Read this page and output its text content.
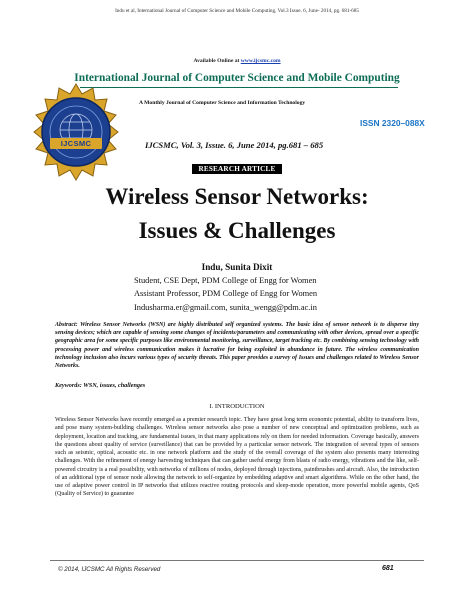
Indu et al, International Journal of Computer Science and Mobile Computing, Vol.3 Issue. 6, June- 2014, pg. 681-685
Available Online at www.ijcsmc.com
International Journal of Computer Science and Mobile Computing
IJCSMC
A Monthly Journal of Computer Science and Information Technology
ISSN 2320–088X
IJCSMC, Vol. 3, Issue. 6, June 2014, pg.681 – 685
RESEARCH ARTICLE
Wireless Sensor Networks:
Issues & Challenges
Indu, Sunita Dixit
Student, CSE Dept, PDM College of Engg for Women
Assistant Professor, PDM College of Engg for Women
Indusharma.er@gmail.com, sunita_wengg@pdm.ac.in
Abstract: Wireless Sensor Networks (WSN) are highly distributed self organized systems. The basic idea of sensor network is to disperse tiny sensing devices; which are capable of sensing some changes of incidents/parameters and communicating with other devices, spread over a specific geographic area for some specific purposes like environmental monitoring, surveillance, target tracking etc. By combining sensing technology with processing power and wireless communication makes it lucrative for being exploited in abundance in future. The wireless communication technology inclusion also incurs various types of security threats. This paper provides a survey of Issues and challenges related to Wireless Sensor Networks.
Keywords: WSN, issues, challenges
I. INTRODUCTION
Wireless Sensor Networks have recently emerged as a premier research topic. They have great long term economic potential, ability to transform lives, and pose many system-building challenges. Wireless sensor networks also pose a number of new conceptual and optimization problems, such as deployment, location and tracking, are fundamental issues, in that many applications rely on them for needed information. Coverage basically, answers the questions about quality of service (surveillance) that can be provided by a particular sensor network. The integration of several types of sensors such as seismic, optical, acoustic etc. in one network platform and the study of the overall coverage of the system also presents many interesting challenges. With the refinement of energy harvesting techniques that can gather useful energy from blasts of radio energy, vibrations and the like, self-powered circuitry is a real possibility, with networks of millions of nodes, deployed through injections, paintbrushes and aircraft. Also, the introduction of an additional type of sensor node allowing the network to self-organize by embedding adaptive and smart algorithms. While on the other hand, the use of adaptive power control in IP networks that utilizes reactive routing protocols and sleep-mode operation, more powerful mobile agents, QoS (Quality of Service) to guarantee
© 2014, IJCSMC All Rights Reserved	681
